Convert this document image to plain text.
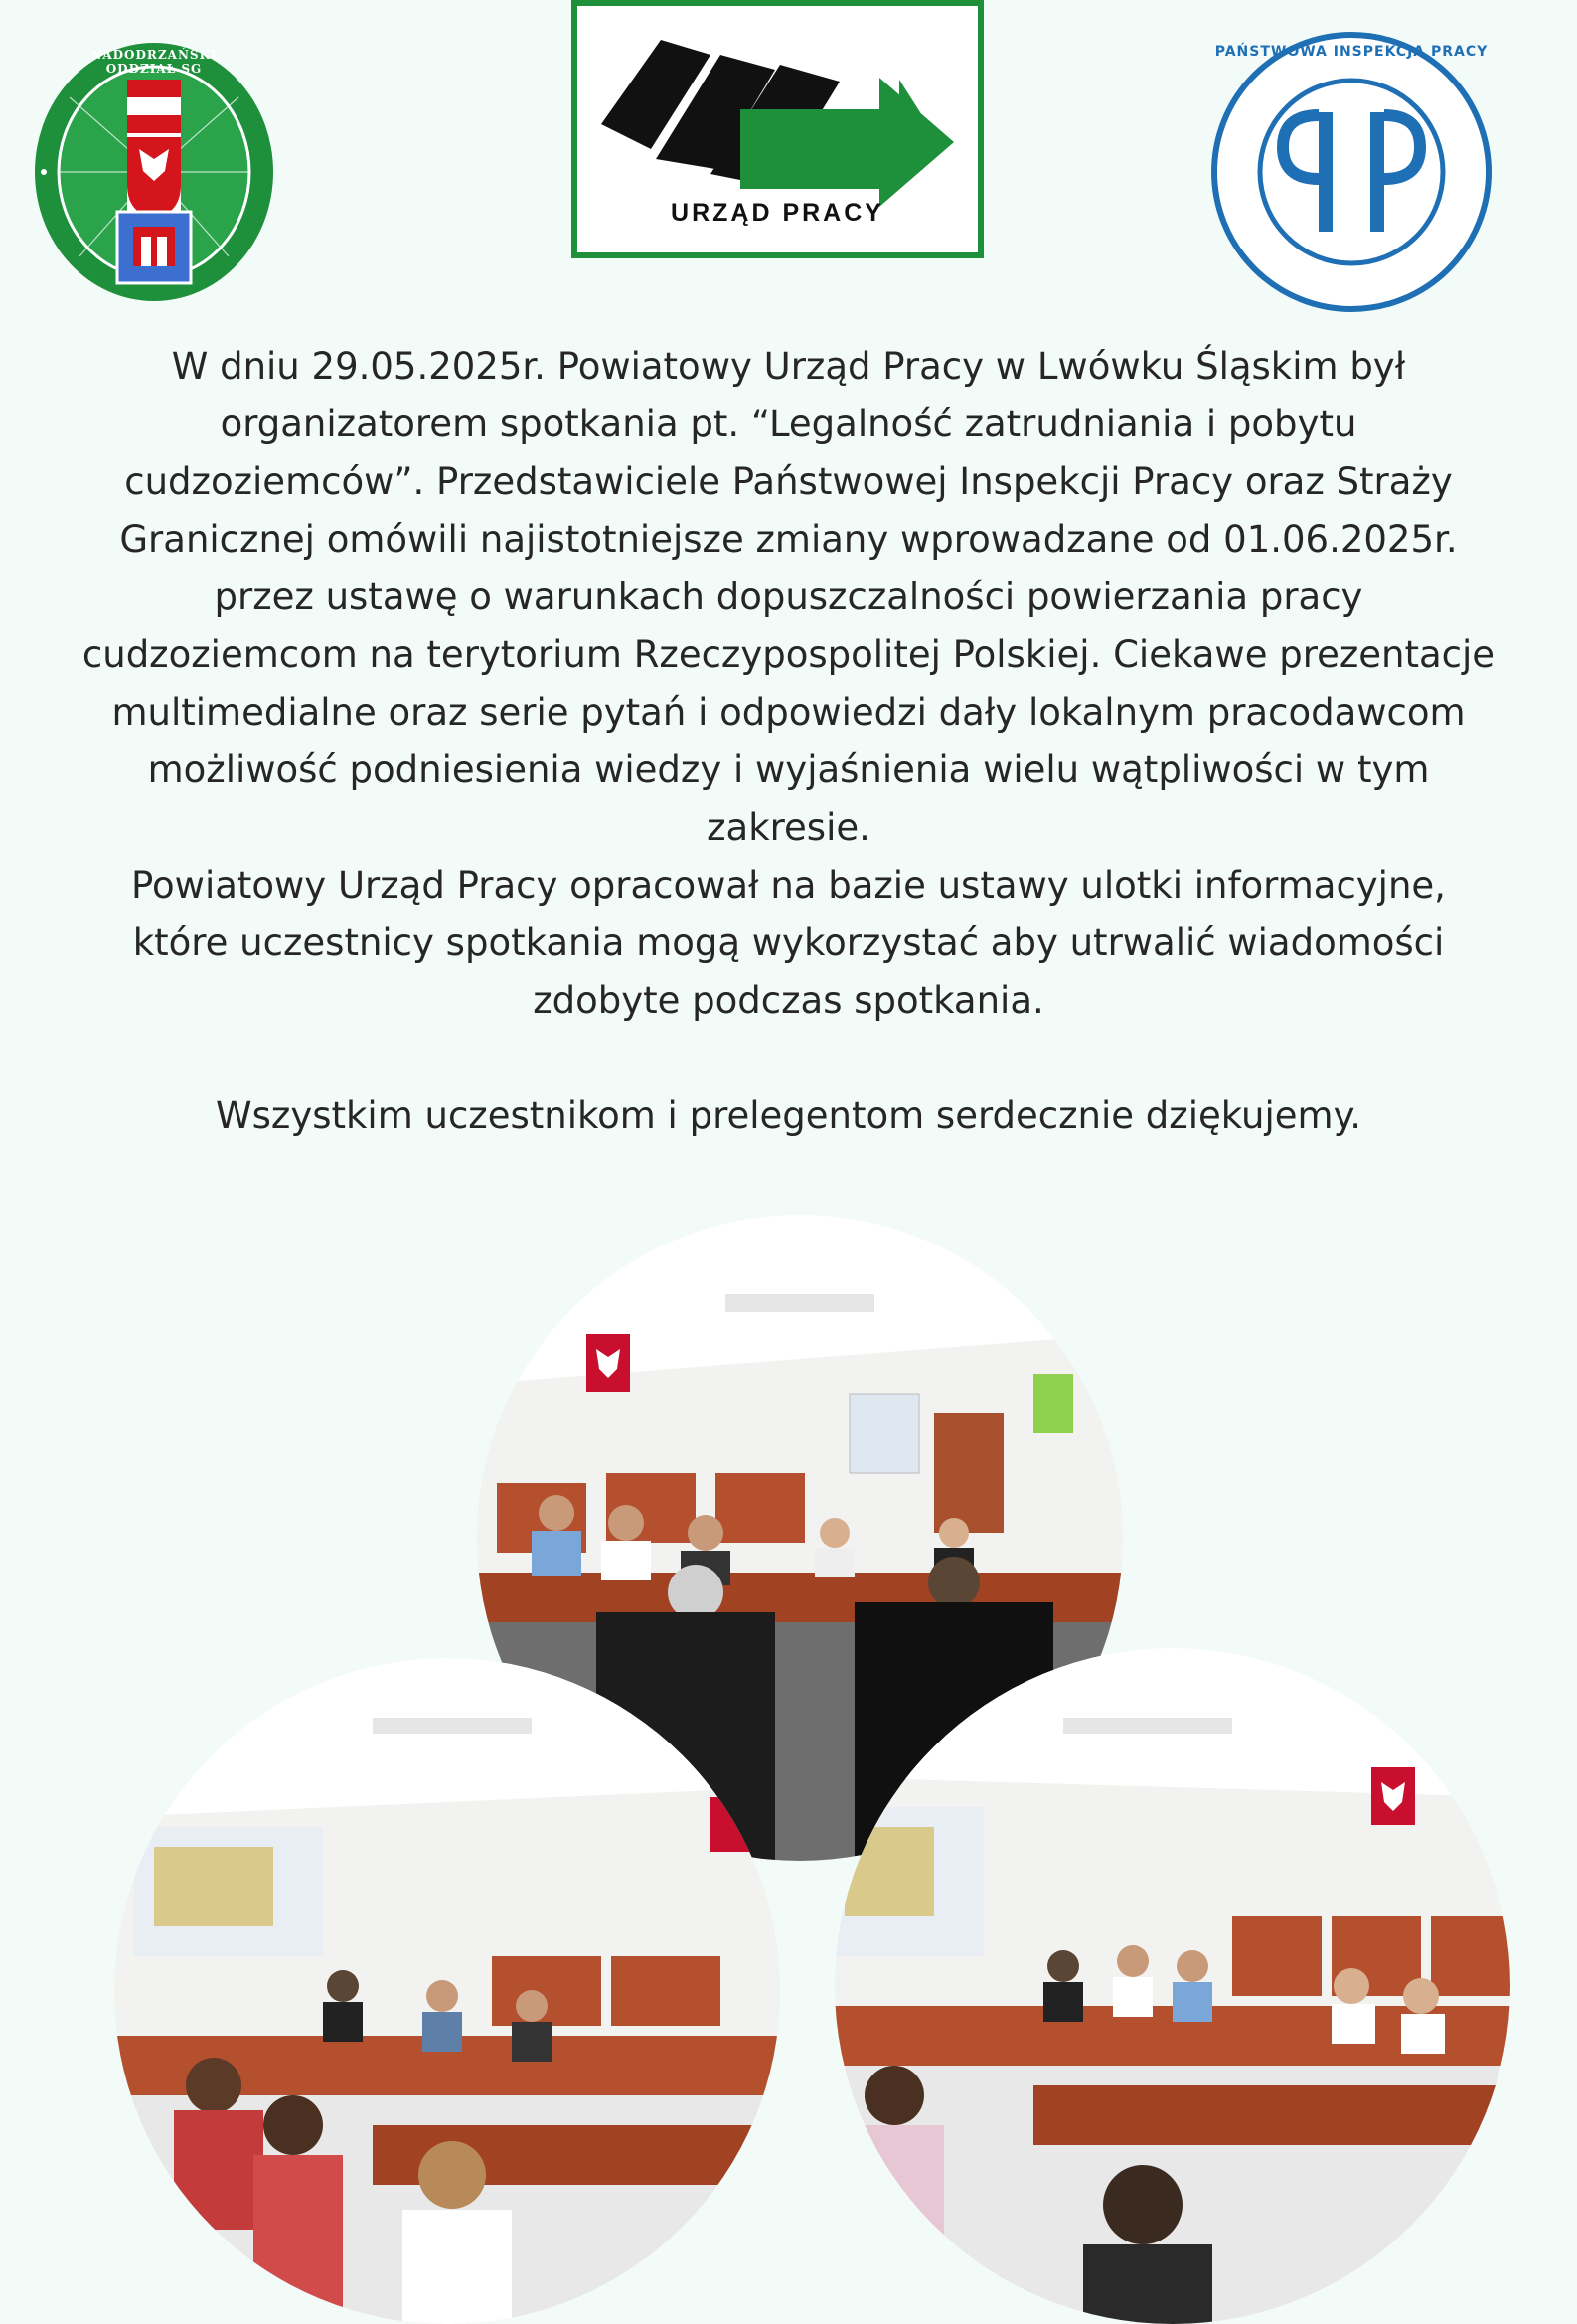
NADODRZAŃSKI ODDZIAŁ SG
URZĄD PRACY
PAŃSTWOWA INSPEKCJA PRACY

W dniu 29.05.2025r. Powiatowy Urząd Pracy w Lwówku Śląskim był organizatorem spotkania pt. “Legalność zatrudniania i pobytu cudzoziemców”. Przedstawiciele Państwowej Inspekcji Pracy oraz Straży Granicznej omówili najistotniejsze zmiany wprowadzane od 01.06.2025r. przez ustawę o warunkach dopuszczalności powierzania pracy cudzoziemcom na terytorium Rzeczypospolitej Polskiej. Ciekawe prezentacje multimedialne oraz serie pytań i odpowiedzi dały lokalnym pracodawcom możliwość podniesienia wiedzy i wyjaśnienia wielu wątpliwości w tym zakresie.

Powiatowy Urząd Pracy opracował na bazie ustawy ulotki informacyjne, które uczestnicy spotkania mogą wykorzystać aby utrwalić wiadomości zdobyte podczas spotkania.

Wszystkim uczestnikom i prelegentom serdecznie dziękujemy.
